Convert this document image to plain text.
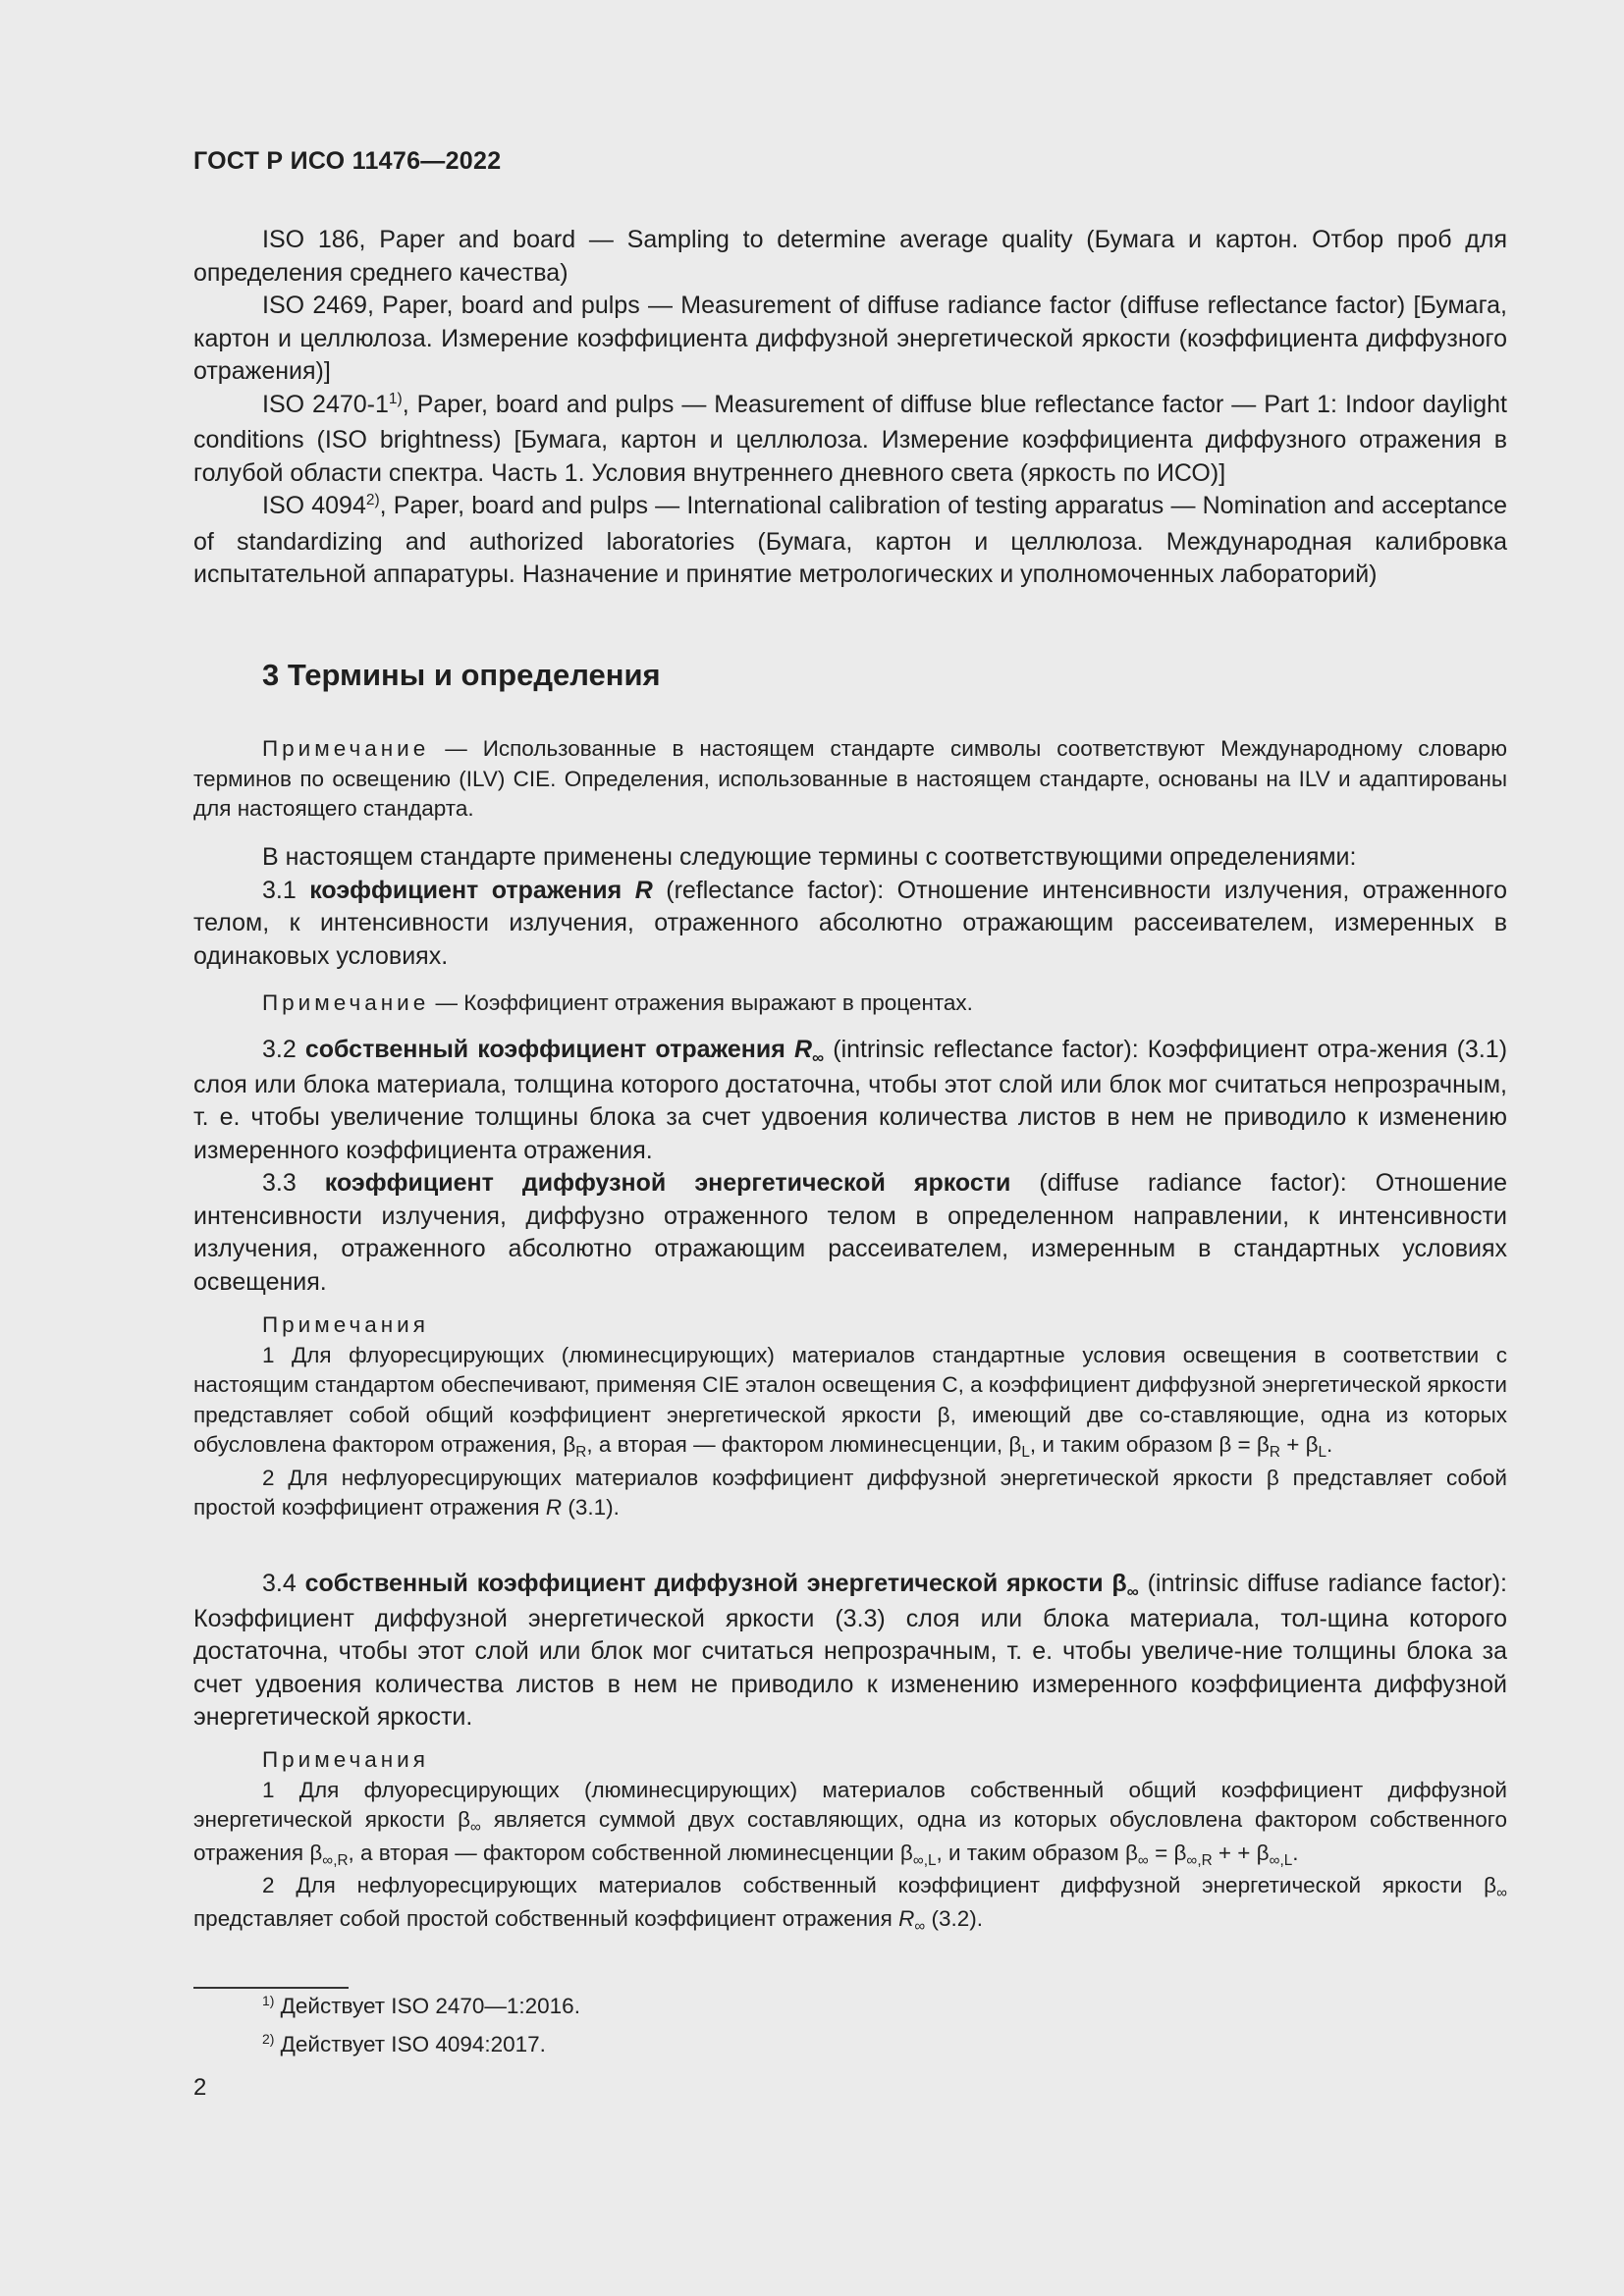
ГОСТ Р ИСО 11476—2022

ISO 186, Paper and board — Sampling to determine average quality (Бумага и картон. Отбор проб для определения среднего качества)

ISO 2469, Paper, board and pulps — Measurement of diffuse radiance factor (diffuse reflectance factor) [Бумага, картон и целлюлоза. Измерение коэффициента диффузной энергетической яркости (коэффициента диффузного отражения)]

ISO 2470-1$^{1)}$, Paper, board and pulps — Measurement of diffuse blue reflectance factor — Part 1: Indoor daylight conditions (ISO brightness) [Бумага, картон и целлюлоза. Измерение коэффициента диффузного отражения в голубой области спектра. Часть 1. Условия внутреннего дневного света (яркость по ИСО)]

ISO 4094$^{2)}$, Paper, board and pulps — International calibration of testing apparatus — Nomination and acceptance of standardizing and authorized laboratories (Бумага, картон и целлюлоза. Международная калибровка испытательной аппаратуры. Назначение и принятие метрологических и уполномоченных лабораторий)

3 Термины и определения

Примечание — Использованные в настоящем стандарте символы соответствуют Международному словарю терминов по освещению (ILV) CIE. Определения, использованные в настоящем стандарте, основаны на ILV и адаптированы для настоящего стандарта.

В настоящем стандарте применены следующие термины с соответствующими определениями:

3.1 коэффициент отражения R (reflectance factor): Отношение интенсивности излучения, отраженного телом, к интенсивности излучения, отраженного абсолютно отражающим рассеивателем, измеренных в одинаковых условиях.

Примечание — Коэффициент отражения выражают в процентах.

3.2 собственный коэффициент отражения $R_\infty$ (intrinsic reflectance factor): Коэффициент отра-жения (3.1) слоя или блока материала, толщина которого достаточна, чтобы этот слой или блок мог считаться непрозрачным, т. е. чтобы увеличение толщины блока за счет удвоения количества листов в нем не приводило к изменению измеренного коэффициента отражения.

3.3 коэффициент диффузной энергетической яркости (diffuse radiance factor): Отношение интенсивности излучения, диффузно отраженного телом в определенном направлении, к интенсивности излучения, отраженного абсолютно отражающим рассеивателем, измеренным в стандартных условиях освещения.

Примечания

1 Для флуоресцирующих (люминесцирующих) материалов стандартные условия освещения в соответствии с настоящим стандартом обеспечивают, применяя CIE эталон освещения С, а коэффициент диффузной энергетической яркости представляет собой общий коэффициент энергетической яркости β, имеющий две со-ставляющие, одна из которых обусловлена фактором отражения, $\beta_R$, а вторая — фактором люминесценции, $\beta_L$, и таким образом $\beta = \beta_R + \beta_L$.

2 Для нефлуоресцирующих материалов коэффициент диффузной энергетической яркости β представляет собой простой коэффициент отражения R (3.1).

3.4 собственный коэффициент диффузной энергетической яркости $\beta_\infty$ (intrinsic diffuse radiance factor): Коэффициент диффузной энергетической яркости (3.3) слоя или блока материала, тол-щина которого достаточна, чтобы этот слой или блок мог считаться непрозрачным, т. е. чтобы увеличе-ние толщины блока за счет удвоения количества листов в нем не приводило к изменению измеренного коэффициента диффузной энергетической яркости.

Примечания

1 Для флуоресцирующих (люминесцирующих) материалов собственный общий коэффициент диффузной энергетической яркости $\beta_\infty$ является суммой двух составляющих, одна из которых обусловлена фактором собственного отражения $\beta_{\infty,R}$, а вторая — фактором собственной люминесценции $\beta_{\infty,L}$, и таким образом $\beta_\infty = \beta_{\infty,R}$ + + $\beta_{\infty,L}$.

2 Для нефлуоресцирующих материалов собственный коэффициент диффузной энергетической яркости $\beta_\infty$ представляет собой простой собственный коэффициент отражения $R_\infty$ (3.2).

$^{1)}$ Действует ISO 2470—1:2016.
$^{2)}$ Действует ISO 4094:2017.
2
